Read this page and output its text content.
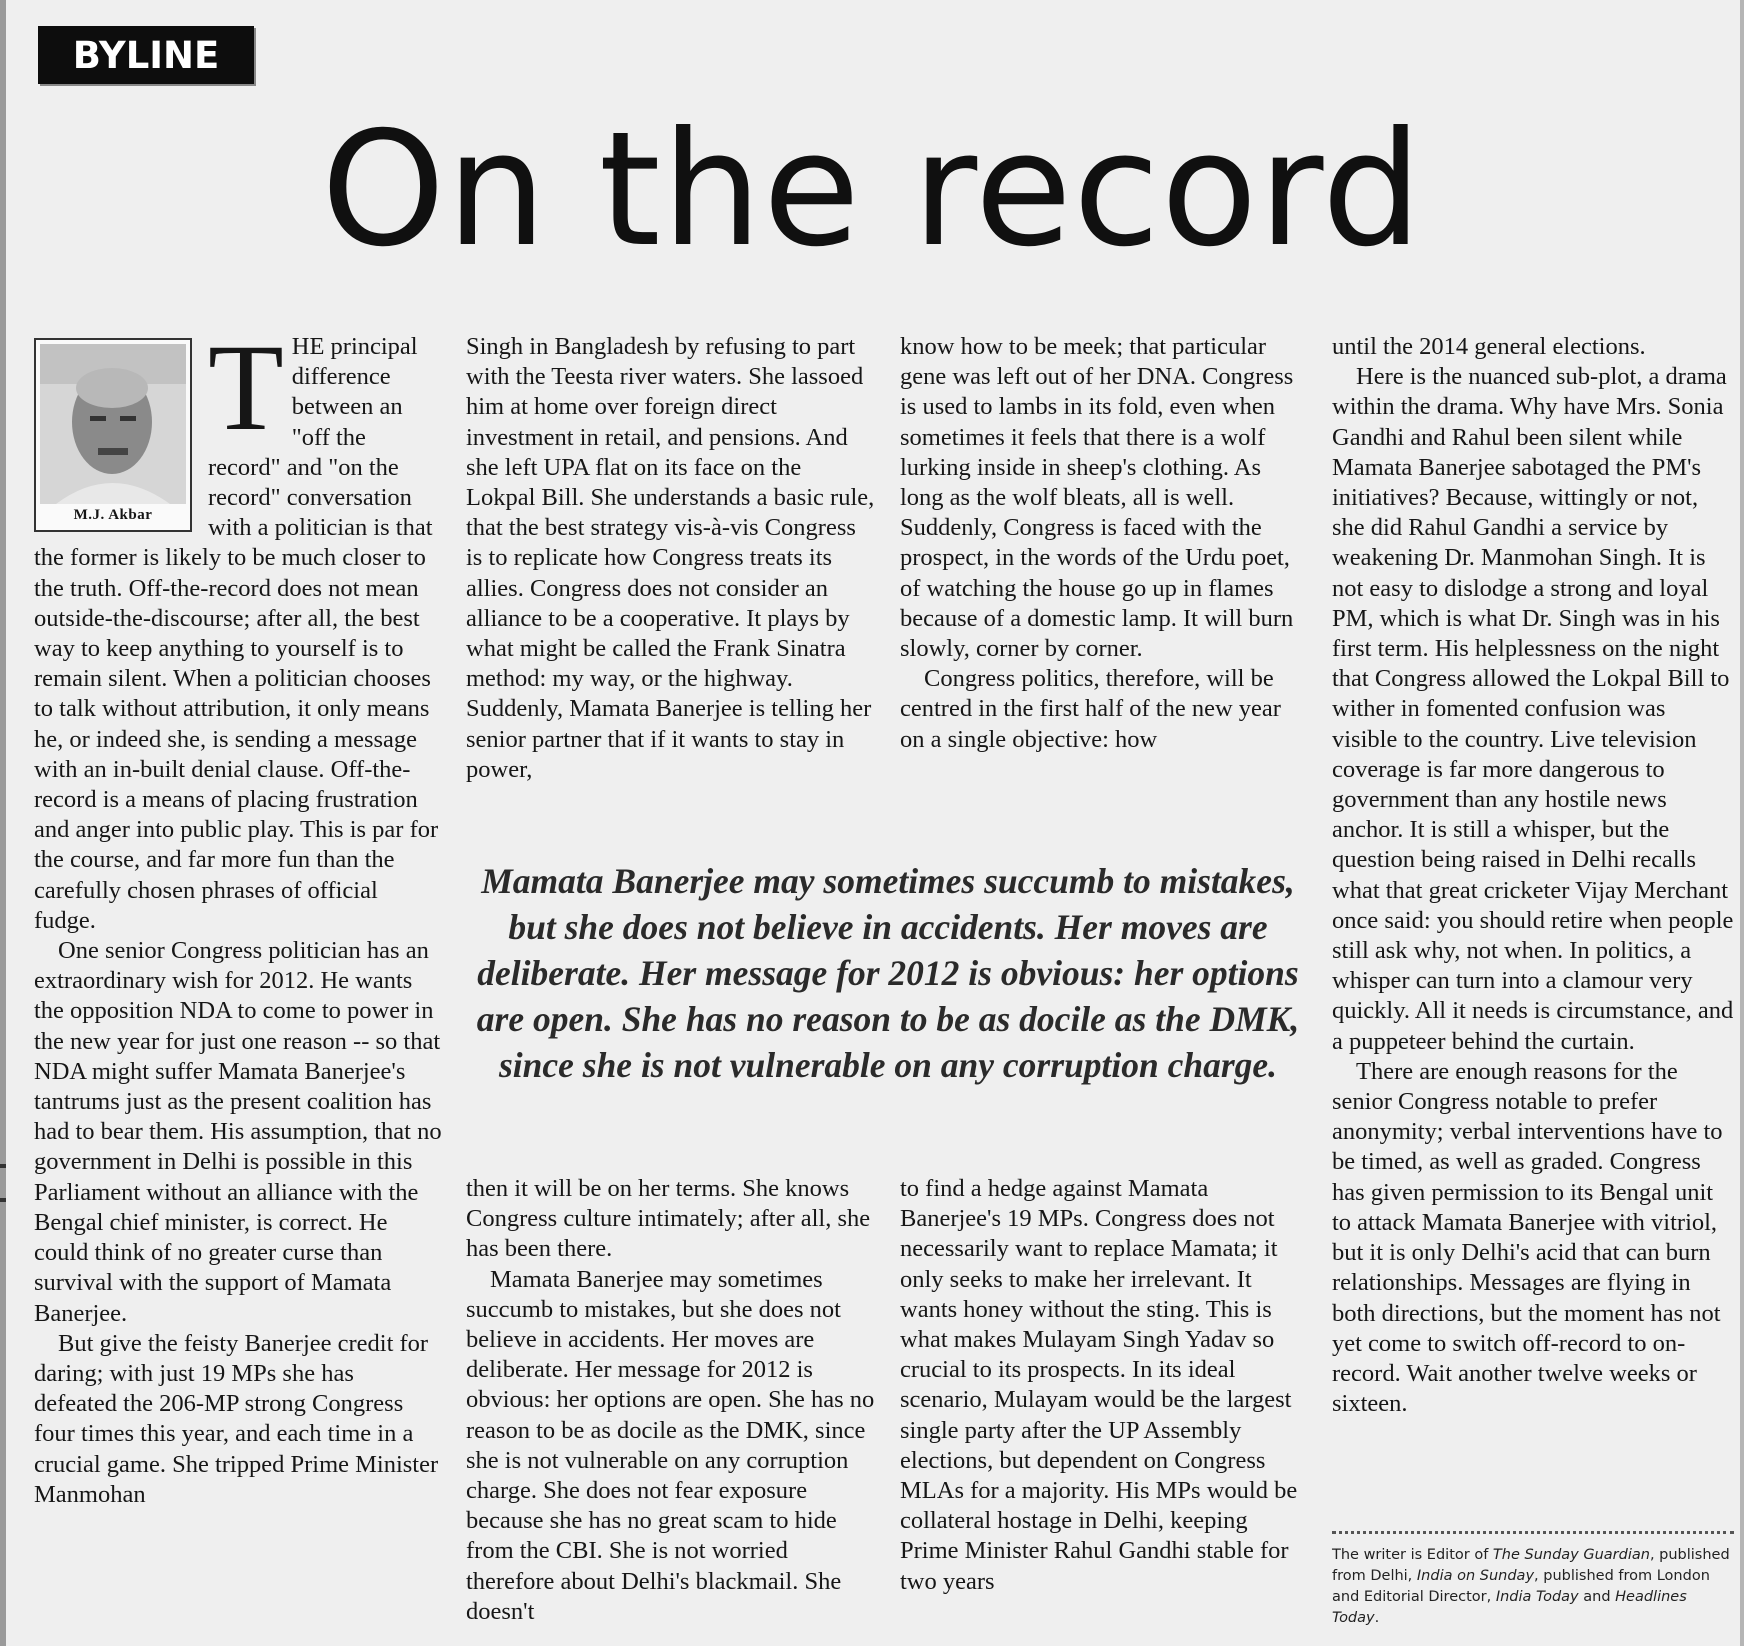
BYLINE
On the record
M.J. Akbar
T HE principal difference between an "off the record" and "on the record" conversation with a politician is that the former is likely to be much closer to the truth. Off-the-record does not mean outside-the-discourse; after all, the best way to keep anything to yourself is to remain silent. When a politician chooses to talk without attribution, it only means he, or indeed she, is sending a message with an in-built denial clause. Off-the-record is a means of placing frustration and anger into public play. This is par for the course, and far more fun than the carefully chosen phrases of official fudge.

One senior Congress politician has an extraordinary wish for 2012. He wants the opposition NDA to come to power in the new year for just one reason -- so that NDA might suffer Mamata Banerjee's tantrums just as the present coalition has had to bear them. His assumption, that no government in Delhi is possible in this Parliament without an alliance with the Bengal chief minister, is correct. He could think of no greater curse than survival with the support of Mamata Banerjee.

But give the feisty Banerjee credit for daring; with just 19 MPs she has defeated the 206-MP strong Congress four times this year, and each time in a crucial game. She tripped Prime Minister Manmohan

Singh in Bangladesh by refusing to part with the Teesta river waters. She lassoed him at home over foreign direct investment in retail, and pensions. And she left UPA flat on its face on the Lokpal Bill. She understands a basic rule, that the best strategy vis-à-vis Congress is to replicate how Congress treats its allies. Congress does not consider an alliance to be a cooperative. It plays by what might be called the Frank Sinatra method: my way, or the highway. Suddenly, Mamata Banerjee is telling her senior partner that if it wants to stay in power,

know how to be meek; that particular gene was left out of her DNA. Congress is used to lambs in its fold, even when sometimes it feels that there is a wolf lurking inside in sheep's clothing. As long as the wolf bleats, all is well. Suddenly, Congress is faced with the prospect, in the words of the Urdu poet, of watching the house go up in flames because of a domestic lamp. It will burn slowly, corner by corner.

Congress politics, therefore, will be centred in the first half of the new year on a single objective: how

Mamata Banerjee may sometimes succumb to mistakes, but she does not believe in accidents. Her moves are deliberate. Her message for 2012 is obvious: her options are open. She has no reason to be as docile as the DMK, since she is not vulnerable on any corruption charge.

then it will be on her terms. She knows Congress culture intimately; after all, she has been there.

Mamata Banerjee may sometimes succumb to mistakes, but she does not believe in accidents. Her moves are deliberate. Her message for 2012 is obvious: her options are open. She has no reason to be as docile as the DMK, since she is not vulnerable on any corruption charge. She does not fear exposure because she has no great scam to hide from the CBI. She is not worried therefore about Delhi's blackmail. She doesn't

to find a hedge against Mamata Banerjee's 19 MPs. Congress does not necessarily want to replace Mamata; it only seeks to make her irrelevant. It wants honey without the sting. This is what makes Mulayam Singh Yadav so crucial to its prospects. In its ideal scenario, Mulayam would be the largest single party after the UP Assembly elections, but dependent on Congress MLAs for a majority. His MPs would be collateral hostage in Delhi, keeping Prime Minister Rahul Gandhi stable for two years

until the 2014 general elections.

Here is the nuanced sub-plot, a drama within the drama. Why have Mrs. Sonia Gandhi and Rahul been silent while Mamata Banerjee sabotaged the PM's initiatives? Because, wittingly or not, she did Rahul Gandhi a service by weakening Dr. Manmohan Singh. It is not easy to dislodge a strong and loyal PM, which is what Dr. Singh was in his first term. His helplessness on the night that Congress allowed the Lokpal Bill to wither in fomented confusion was visible to the country. Live television coverage is far more dangerous to government than any hostile news anchor. It is still a whisper, but the question being raised in Delhi recalls what that great cricketer Vijay Merchant once said: you should retire when people still ask why, not when. In politics, a whisper can turn into a clamour very quickly. All it needs is circumstance, and a puppeteer behind the curtain.

There are enough reasons for the senior Congress notable to prefer anonymity; verbal interventions have to be timed, as well as graded. Congress has given permission to its Bengal unit to attack Mamata Banerjee with vitriol, but it is only Delhi's acid that can burn relationships. Messages are flying in both directions, but the moment has not yet come to switch off-record to on-record. Wait another twelve weeks or sixteen.

The writer is Editor of The Sunday Guardian, published from Delhi, India on Sunday, published from London and Editorial Director, India Today and Headlines Today.
